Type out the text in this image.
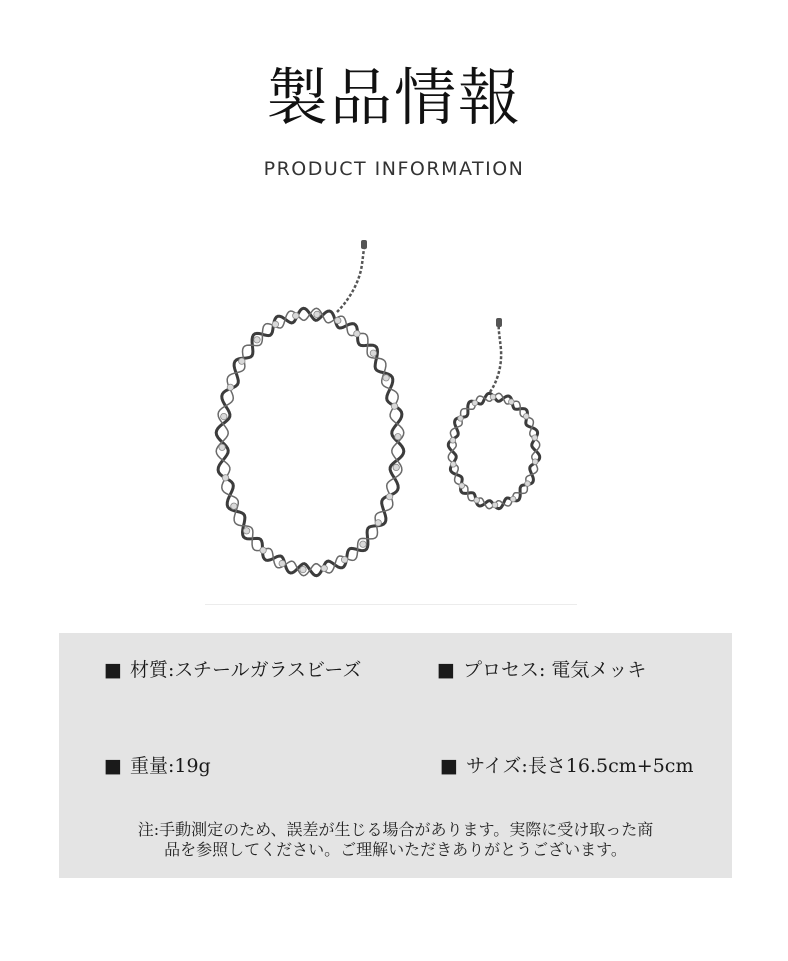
製品情報
PRODUCT INFORMATION
■ 材質:スチールガラスビーズ	■ プロセス: 電気メッキ
■ 重量:19g	■ サイズ:長さ16.5cm+5cm
注:手動測定のため、誤差が生じる場合があります。実際に受け取った商
品を参照してください。ご理解いただきありがとうございます。
